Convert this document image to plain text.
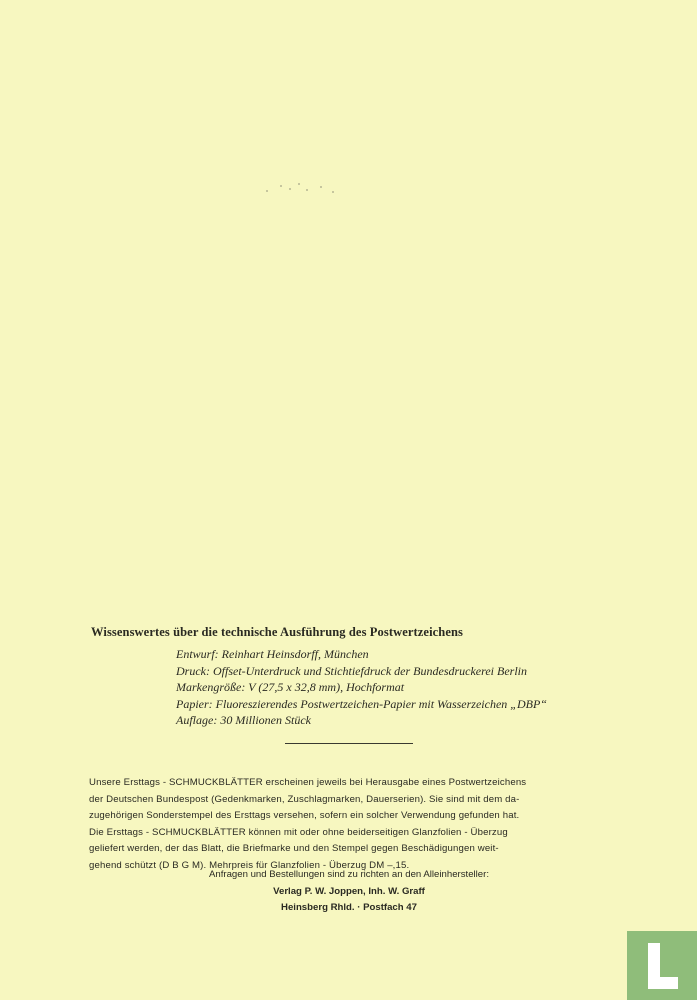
Wissenswertes über die technische Ausführung des Postwertzeichens
Entwurf: Reinhart Heinsdorff, München
Druck: Offset-Unterdruck und Stichtiefdruck der Bundesdruckerei Berlin
Markengröße: V (27,5 x 32,8 mm), Hochformat
Papier: Fluoreszierendes Postwertzeichen-Papier mit Wasserzeichen „DBP“
Auflage: 30 Millionen Stück
Unsere Ersttags - SCHMUCKBLÄTTER erscheinen jeweils bei Herausgabe eines Postwertzeichens
der Deutschen Bundespost (Gedenkmarken, Zuschlagmarken, Dauerserien). Sie sind mit dem da-
zugehörigen Sonderstempel des Ersttags versehen, sofern ein solcher Verwendung gefunden hat.
Die Ersttags - SCHMUCKBLÄTTER können mit oder ohne beiderseitigen Glanzfolien - Überzug
geliefert werden, der das Blatt, die Briefmarke und den Stempel gegen Beschädigungen weit-
gehend schützt (D B G M). Mehrpreis für Glanzfolien - Überzug DM –,15.
Anfragen und Bestellungen sind zu richten an den Alleinhersteller:
Verlag P. W. Joppen, Inh. W. Graff
Heinsberg Rhld. · Postfach 47
